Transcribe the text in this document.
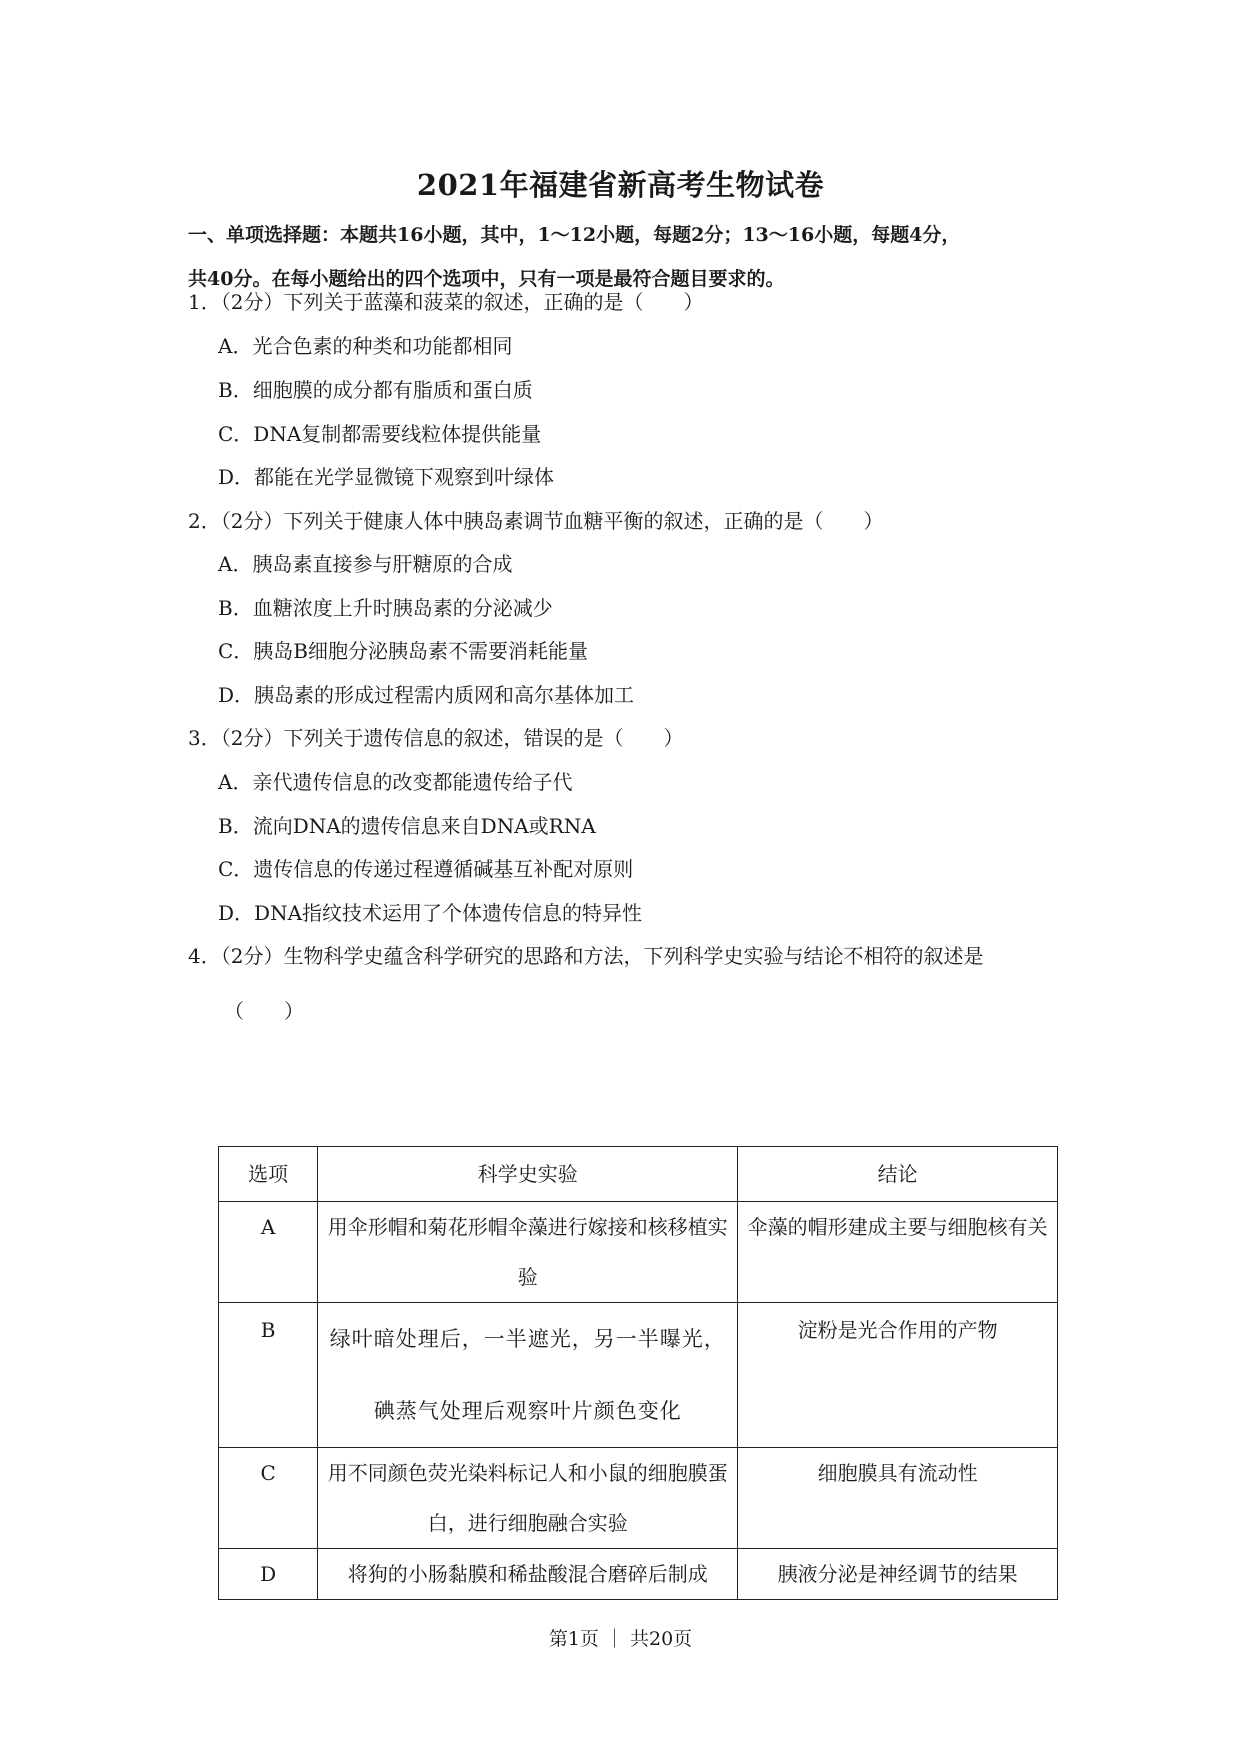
2021年福建省新高考生物试卷
一、单项选择题：本题共16小题，其中，1～12小题，每题2分；13～16小题，每题4分，
共40分。在每小题给出的四个选项中，只有一项是最符合题目要求的。
1．（2分）下列关于蓝藻和菠菜的叙述，正确的是（　　）
A．光合色素的种类和功能都相同
B．细胞膜的成分都有脂质和蛋白质
C．DNA复制都需要线粒体提供能量
D．都能在光学显微镜下观察到叶绿体
2．（2分）下列关于健康人体中胰岛素调节血糖平衡的叙述，正确的是（　　）
A．胰岛素直接参与肝糖原的合成
B．血糖浓度上升时胰岛素的分泌减少
C．胰岛B细胞分泌胰岛素不需要消耗能量
D．胰岛素的形成过程需内质网和高尔基体加工
3．（2分）下列关于遗传信息的叙述，错误的是（　　）
A．亲代遗传信息的改变都能遗传给子代
B．流向DNA的遗传信息来自DNA或RNA
C．遗传信息的传递过程遵循碱基互补配对原则
D．DNA指纹技术运用了个体遗传信息的特异性
4．（2分）生物科学史蕴含科学研究的思路和方法，下列科学史实验与结论不相符的叙述是
（　　）
选项	科学史实验	结论
A	用伞形帽和菊花形帽伞藻进行嫁接和核移植实验	伞藻的帽形建成主要与细胞核有关
B	绿叶暗处理后，一半遮光，另一半曝光，碘蒸气处理后观察叶片颜色变化	淀粉是光合作用的产物
C	用不同颜色荧光染料标记人和小鼠的细胞膜蛋白，进行细胞融合实验	细胞膜具有流动性
D	将狗的小肠黏膜和稀盐酸混合磨碎后制成	胰液分泌是神经调节的结果
第1页 ｜ 共20页
